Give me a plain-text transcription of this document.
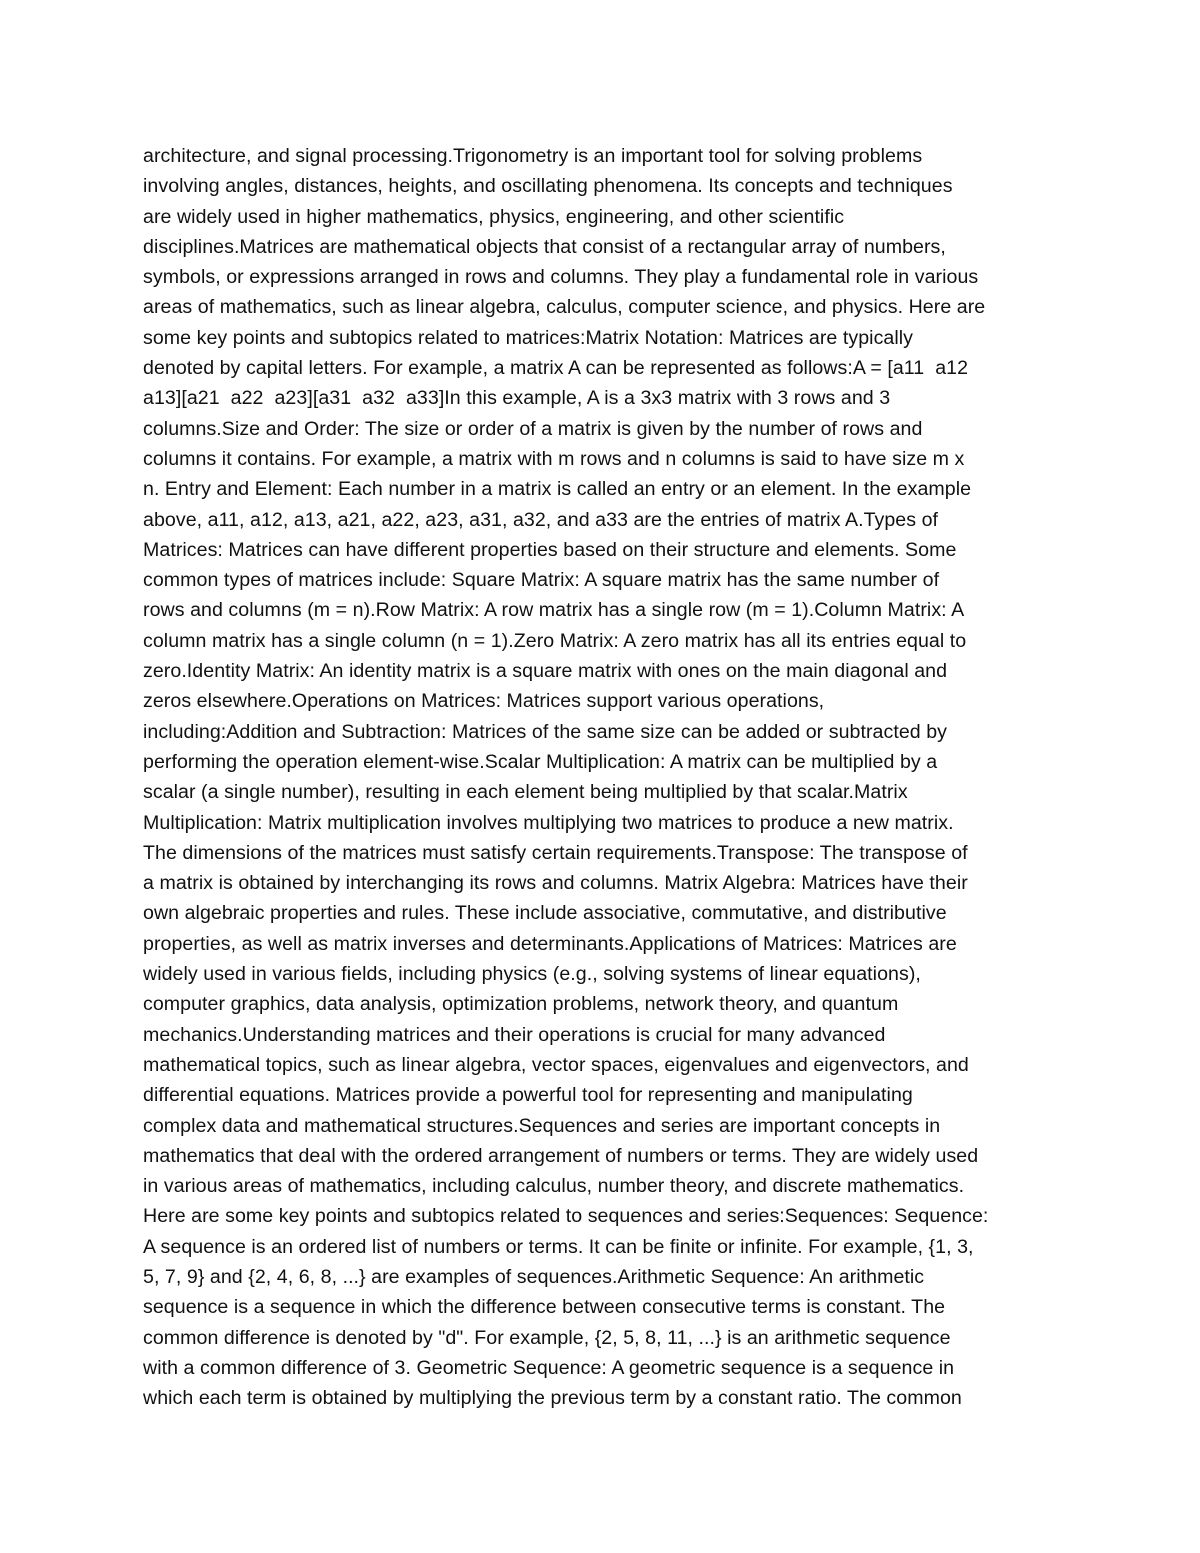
architecture, and signal processing.Trigonometry is an important tool for solving problems
involving angles, distances, heights, and oscillating phenomena. Its concepts and techniques
are widely used in higher mathematics, physics, engineering, and other scientific
disciplines.Matrices are mathematical objects that consist of a rectangular array of numbers,
symbols, or expressions arranged in rows and columns. They play a fundamental role in various
areas of mathematics, such as linear algebra, calculus, computer science, and physics. Here are
some key points and subtopics related to matrices:Matrix Notation: Matrices are typically
denoted by capital letters. For example, a matrix A can be represented as follows:A = [a11  a12
a13][a21  a22  a23][a31  a32  a33]In this example, A is a 3x3 matrix with 3 rows and 3
columns.Size and Order: The size or order of a matrix is given by the number of rows and
columns it contains. For example, a matrix with m rows and n columns is said to have size m x
n. Entry and Element: Each number in a matrix is called an entry or an element. In the example
above, a11, a12, a13, a21, a22, a23, a31, a32, and a33 are the entries of matrix A.Types of
Matrices: Matrices can have different properties based on their structure and elements. Some
common types of matrices include: Square Matrix: A square matrix has the same number of
rows and columns (m = n).Row Matrix: A row matrix has a single row (m = 1).Column Matrix: A
column matrix has a single column (n = 1).Zero Matrix: A zero matrix has all its entries equal to
zero.Identity Matrix: An identity matrix is a square matrix with ones on the main diagonal and
zeros elsewhere.Operations on Matrices: Matrices support various operations,
including:Addition and Subtraction: Matrices of the same size can be added or subtracted by
performing the operation element-wise.Scalar Multiplication: A matrix can be multiplied by a
scalar (a single number), resulting in each element being multiplied by that scalar.Matrix
Multiplication: Matrix multiplication involves multiplying two matrices to produce a new matrix.
The dimensions of the matrices must satisfy certain requirements.Transpose: The transpose of
a matrix is obtained by interchanging its rows and columns. Matrix Algebra: Matrices have their
own algebraic properties and rules. These include associative, commutative, and distributive
properties, as well as matrix inverses and determinants.Applications of Matrices: Matrices are
widely used in various fields, including physics (e.g., solving systems of linear equations),
computer graphics, data analysis, optimization problems, network theory, and quantum
mechanics.Understanding matrices and their operations is crucial for many advanced
mathematical topics, such as linear algebra, vector spaces, eigenvalues and eigenvectors, and
differential equations. Matrices provide a powerful tool for representing and manipulating
complex data and mathematical structures.Sequences and series are important concepts in
mathematics that deal with the ordered arrangement of numbers or terms. They are widely used
in various areas of mathematics, including calculus, number theory, and discrete mathematics.
Here are some key points and subtopics related to sequences and series:Sequences: Sequence:
A sequence is an ordered list of numbers or terms. It can be finite or infinite. For example, {1, 3,
5, 7, 9} and {2, 4, 6, 8, ...} are examples of sequences.Arithmetic Sequence: An arithmetic
sequence is a sequence in which the difference between consecutive terms is constant. The
common difference is denoted by "d". For example, {2, 5, 8, 11, ...} is an arithmetic sequence
with a common difference of 3. Geometric Sequence: A geometric sequence is a sequence in
which each term is obtained by multiplying the previous term by a constant ratio. The common
